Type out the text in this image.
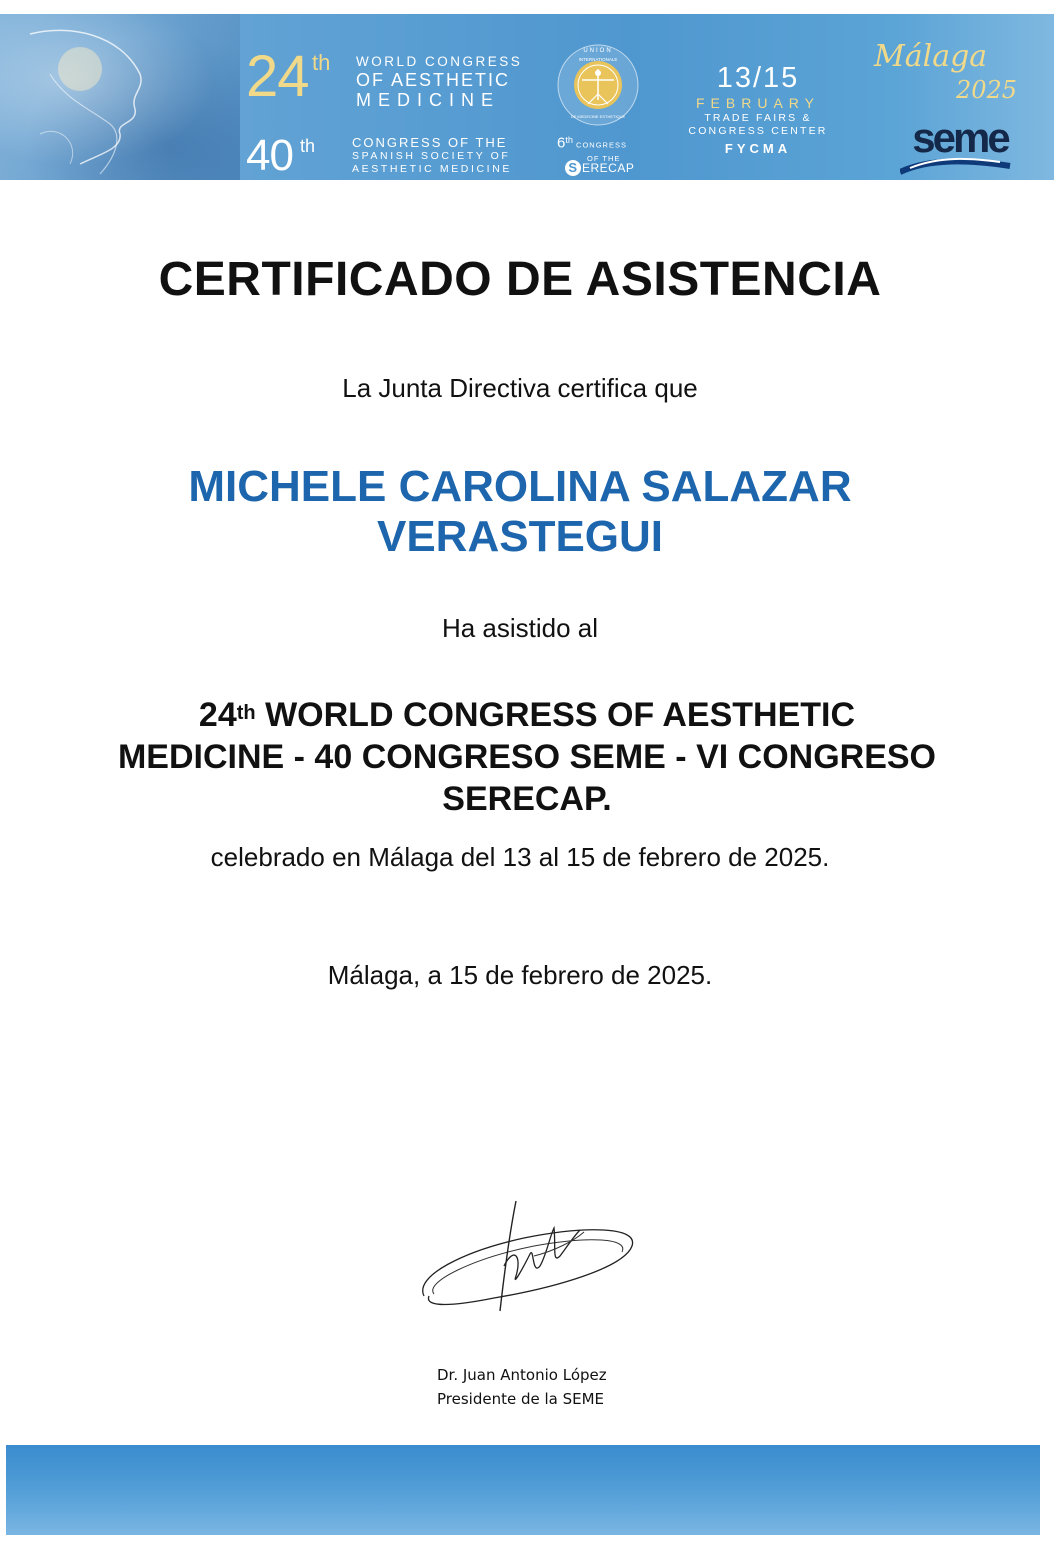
24 th WORLD CONGRESS
OF AESTHETIC
MEDICINE
40 th	CONGRESS OF THE
SPANISH SOCIETY OF
AESTHETIC MEDICINE
UNION
INTERNATIONALE
DE MEDECINE ESTHETIQUE
6th CONGRESS
OF THE
S ERECAP
13/15
FEBRUARY
TRADE FAIRS &
CONGRESS CENTER
FYCMA
Málaga
2025
seme
CERTIFICADO DE ASISTENCIA
La Junta Directiva certifica que
MICHELE CAROLINA SALAZAR
VERASTEGUI
Ha asistido al
24th WORLD CONGRESS OF AESTHETIC
MEDICINE - 40 CONGRESO SEME - VI CONGRESO
SERECAP.
celebrado en Málaga del 13 al 15 de febrero de 2025.
Málaga, a 15 de febrero de 2025.
Dr. Juan Antonio López
Presidente de la SEME
